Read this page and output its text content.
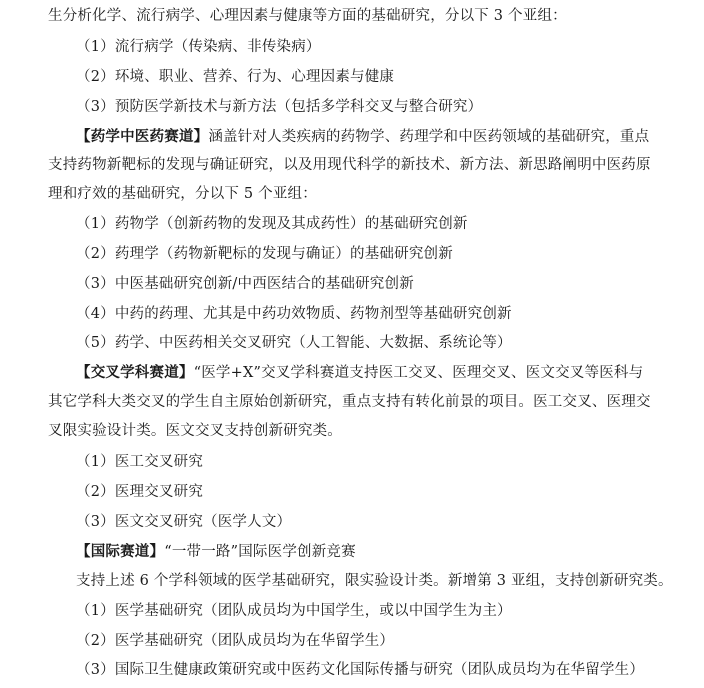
生分析化学、流行病学、心理因素与健康等方面的基础研究，分以下 3 个亚组：
（1）流行病学（传染病、非传染病）
（2）环境、职业、营养、行为、心理因素与健康
（3）预防医学新技术与新方法（包括多学科交叉与整合研究）
【药学中医药赛道】涵盖针对人类疾病的药物学、药理学和中医药领域的基础研究，重点
支持药物新靶标的发现与确证研究，以及用现代科学的新技术、新方法、新思路阐明中医药原
理和疗效的基础研究，分以下 5 个亚组：
（1）药物学（创新药物的发现及其成药性）的基础研究创新
（2）药理学（药物新靶标的发现与确证）的基础研究创新
（3）中医基础研究创新/中西医结合的基础研究创新
（4）中药的药理、尤其是中药功效物质、药物剂型等基础研究创新
（5）药学、中医药相关交叉研究（人工智能、大数据、系统论等）
【交叉学科赛道】“医学+X”交叉学科赛道支持医工交叉、医理交叉、医文交叉等医科与
其它学科大类交叉的学生自主原始创新研究，重点支持有转化前景的项目。医工交叉、医理交
叉限实验设计类。医文交叉支持创新研究类。
（1）医工交叉研究
（2）医理交叉研究
（3）医文交叉研究（医学人文）
【国际赛道】“一带一路”国际医学创新竞赛
支持上述 6 个学科领域的医学基础研究，限实验设计类。新增第 3 亚组，支持创新研究类。
（1）医学基础研究（团队成员均为中国学生，或以中国学生为主）
（2）医学基础研究（团队成员均为在华留学生）
（3）国际卫生健康政策研究或中医药文化国际传播与研究（团队成员均为在华留学生）
